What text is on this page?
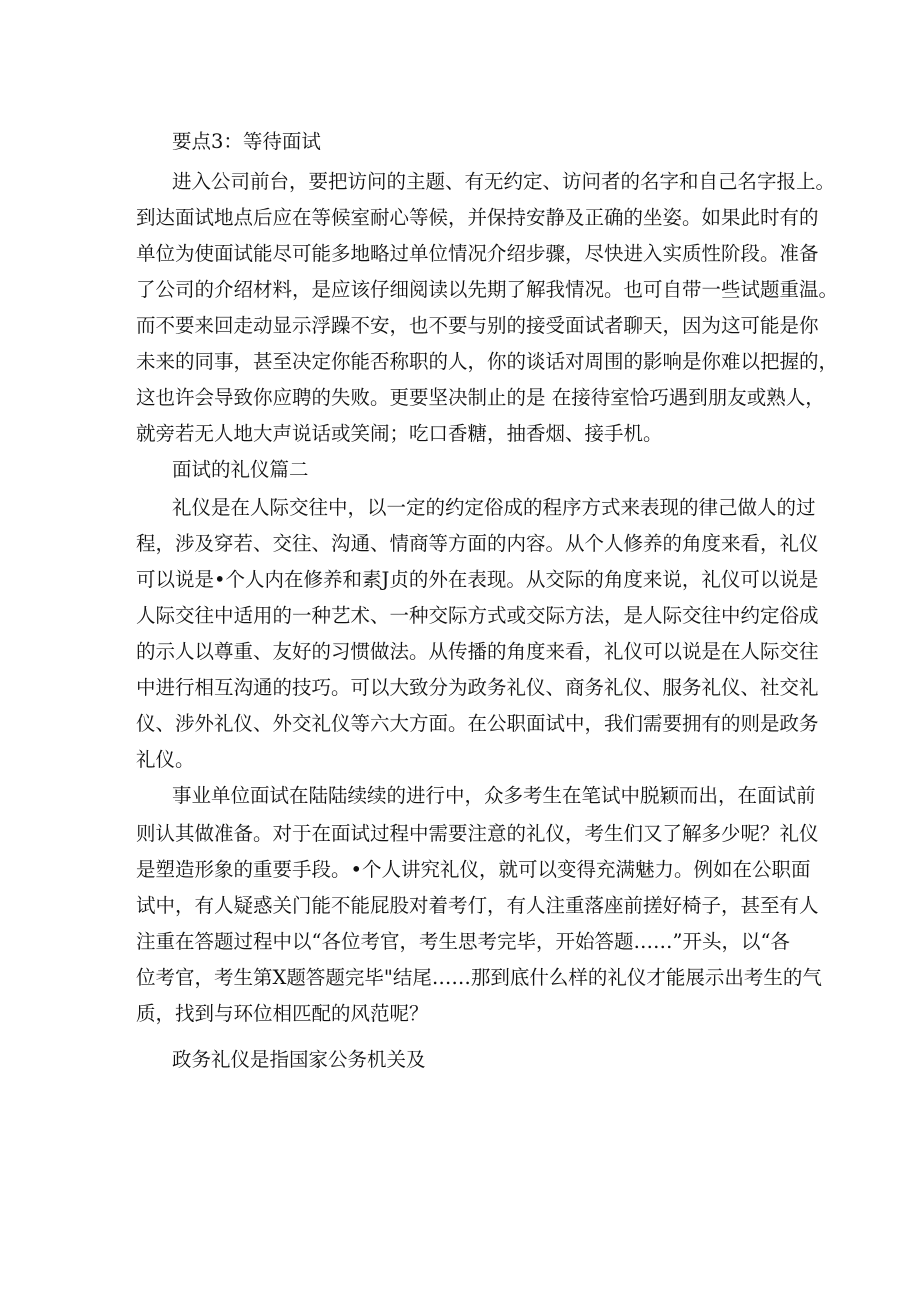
要点3：等待面试
进入公司前台，要把访问的主题、有无约定、访问者的名字和自己名字报上。
到达面试地点后应在等候室耐心等候，并保持安静及正确的坐姿。如果此时有的
单位为使面试能尽可能多地略过单位情况介绍步骤，尽快进入实质性阶段。准备
了公司的介绍材料，是应该仔细阅读以先期了解我情况。也可自带一些试题重温。
而不要来回走动显示浮躁不安，也不要与别的接受面试者聊天，因为这可能是你
未来的同事，甚至决定你能否称职的人，你的谈话对周围的影响是你难以把握的，
这也许会导致你应聘的失败。更要坚决制止的是 在接待室恰巧遇到朋友或熟人，
就旁若无人地大声说话或笑闹；吃口香糖，抽香烟、接手机。
面试的礼仪篇二
礼仪是在人际交往中，以一定的约定俗成的程序方式来表现的律己做人的过
程，涉及穿若、交往、沟通、情商等方面的内容。从个人修养的角度来看，礼仪
可以说是•个人内在修养和素J贞的外在表现。从交际的角度来说，礼仪可以说是
人际交往中适用的一种艺术、一种交际方式或交际方法，是人际交往中约定俗成
的示人以尊重、友好的习惯做法。从传播的角度来看，礼仪可以说是在人际交往
中进行相互沟通的技巧。可以大致分为政务礼仪、商务礼仪、服务礼仪、社交礼
仪、涉外礼仪、外交礼仪等六大方面。在公职面试中，我们需要拥有的则是政务
礼仪。
事业单位面试在陆陆续续的进行中，众多考生在笔试中脱颖而出，在面试前
则认其做准备。对于在面试过程中需要注意的礼仪，考生们又了解多少呢？礼仪
是塑造形象的重要手段。•个人讲究礼仪，就可以变得充满魅力。例如在公职面
试中，有人疑惑关门能不能屁股对着考仃，有人注重落座前搓好椅子，甚至有人
注重在答题过程中以“各位考官，考生思考完毕，开始答题……”开头，以“各
位考官，考生第X题答题完毕"结尾……那到底什么样的礼仪才能展示出考生的气
质，找到与环位相匹配的风范呢？
政务礼仪是指国家公务机关及
